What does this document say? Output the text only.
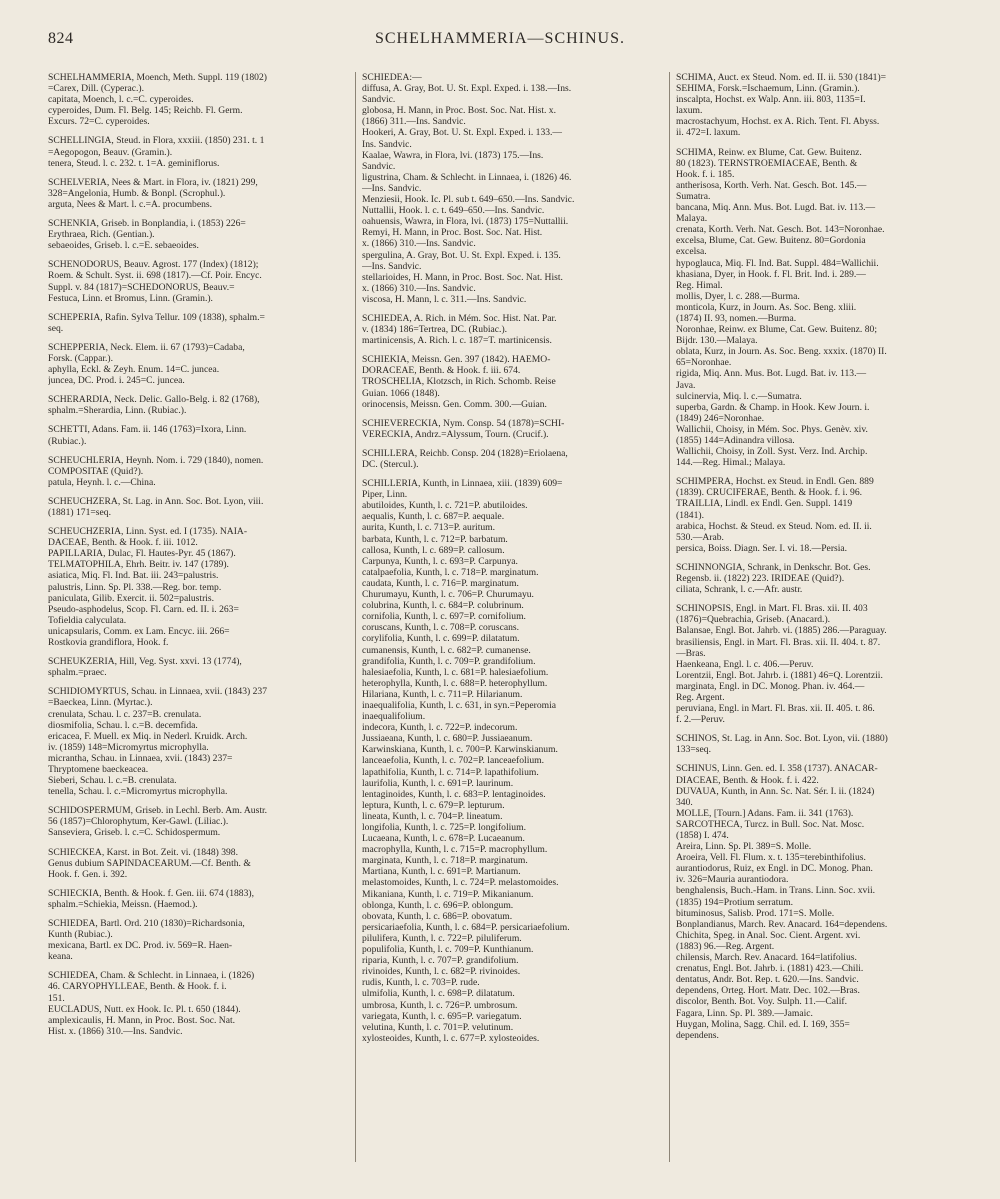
824	SCHELHAMMERIA—SCHINUS.
SCHELHAMMERIA, Moench, Meth. Suppl. 119 (1802)
=Carex, Dill. (Cyperac.).
capitata, Moench, l. c.=C. cyperoides.
cyperoides, Dum. Fl. Belg. 145; Reichb. Fl. Germ.
Excurs. 72=C. cyperoides.
SCHELLINGIA, Steud. in Flora, xxxiii. (1850) 231. t. 1
=Aegopogon, Beauv. (Gramin.).
tenera, Steud. l. c. 232. t. 1=A. geminiflorus.
SCHELVERIA, Nees & Mart. in Flora, iv. (1821) 299,
328=Angelonia, Humb. & Bonpl. (Scrophul.).
arguta, Nees & Mart. l. c.=A. procumbens.
SCHENKIA, Griseb. in Bonplandia, i. (1853) 226=
Erythraea, Rich. (Gentian.).
sebaeoides, Griseb. l. c.=E. sebaeoides.
SCHENODORUS, Beauv. Agrost. 177 (Index) (1812);
Roem. & Schult. Syst. ii. 698 (1817).—Cf. Poir. Encyc.
Suppl. v. 84 (1817)=SCHEDONORUS, Beauv.=
Festuca, Linn. et Bromus, Linn. (Gramin.).
SCHEPERIA, Rafin. Sylva Tellur. 109 (1838), sphalm.=
seq.
SCHEPPERIA, Neck. Elem. ii. 67 (1793)=Cadaba,
Forsk. (Cappar.).
aphylla, Eckl. & Zeyh. Enum. 14=C. juncea.
juncea, DC. Prod. i. 245=C. juncea.
SCHERARDIA, Neck. Delic. Gallo-Belg. i. 82 (1768),
sphalm.=Sherardia, Linn. (Rubiac.).
SCHETTI, Adans. Fam. ii. 146 (1763)=Ixora, Linn.
(Rubiac.).
SCHEUCHLERIA, Heynh. Nom. i. 729 (1840), nomen.
COMPOSITAE (Quid?).
patula, Heynh. l. c.—China.
SCHEUCHZERA, St. Lag. in Ann. Soc. Bot. Lyon, viii.
(1881) 171=seq.
SCHEUCHZERIA, Linn. Syst. ed. I (1735). NAIA-
DACEAE, Benth. & Hook. f. iii. 1012.
PAPILLARIA, Dulac, Fl. Hautes-Pyr. 45 (1867).
TELMATOPHILA, Ehrh. Beitr. iv. 147 (1789).
asiatica, Miq. Fl. Ind. Bat. iii. 243=palustris.
palustris, Linn. Sp. Pl. 338.—Reg. bor. temp.
paniculata, Gilib. Exercit. ii. 502=palustris.
Pseudo-asphodelus, Scop. Fl. Carn. ed. II. i. 263=
Tofieldia calyculata.
unicapsularis, Comm. ex Lam. Encyc. iii. 266=
Rostkovia grandiflora, Hook. f.
SCHEUKZERIA, Hill, Veg. Syst. xxvi. 13 (1774),
sphalm.=praec.
SCHIDIOMYRTUS, Schau. in Linnaea, xvii. (1843) 237
=Baeckea, Linn. (Myrtac.).
crenulata, Schau. l. c. 237=B. crenulata.
diosmifolia, Schau. l. c.=B. decemfida.
ericacea, F. Muell. ex Miq. in Nederl. Kruidk. Arch.
iv. (1859) 148=Micromyrtus microphylla.
micrantha, Schau. in Linnaea, xvii. (1843) 237=
Thryptomene baeckeacea.
Sieberi, Schau. l. c.=B. crenulata.
tenella, Schau. l. c.=Micromyrtus microphylla.
SCHIDOSPERMUM, Griseb. in Lechl. Berb. Am. Austr.
56 (1857)=Chlorophytum, Ker-Gawl. (Liliac.).
Sanseviera, Griseb. l. c.=C. Schidospermum.
SCHIECKEA, Karst. in Bot. Zeit. vi. (1848) 398.
Genus dubium SAPINDACEARUM.—Cf. Benth. &
Hook. f. Gen. i. 392.
SCHIECKIA, Benth. & Hook. f. Gen. iii. 674 (1883),
sphalm.=Schiekia, Meissn. (Haemod.).
SCHIEDEA, Bartl. Ord. 210 (1830)=Richardsonia,
Kunth (Rubiac.).
mexicana, Bartl. ex DC. Prod. iv. 569=R. Haen-
keana.
SCHIEDEA, Cham. & Schlecht. in Linnaea, i. (1826)
46. CARYOPHYLLEAE, Benth. & Hook. f. i.
151.
EUCLADUS, Nutt. ex Hook. Ic. Pl. t. 650 (1844).
amplexicaulis, H. Mann, in Proc. Bost. Soc. Nat.
Hist. x. (1866) 310.—Ins. Sandvic.
SCHIEDEA:—
diffusa, A. Gray, Bot. U. St. Expl. Exped. i. 138.—Ins.
Sandvic.
globosa, H. Mann, in Proc. Bost. Soc. Nat. Hist. x.
(1866) 311.—Ins. Sandvic.
Hookeri, A. Gray, Bot. U. St. Expl. Exped. i. 133.—
Ins. Sandvic.
Kaalae, Wawra, in Flora, lvi. (1873) 175.—Ins.
Sandvic.
ligustrina, Cham. & Schlecht. in Linnaea, i. (1826) 46.
—Ins. Sandvic.
Menziesii, Hook. Ic. Pl. sub t. 649–650.—Ins. Sandvic.
Nuttallii, Hook. l. c. t. 649–650.—Ins. Sandvic.
oahuensis, Wawra, in Flora, lvi. (1873) 175=Nuttallii.
Remyi, H. Mann, in Proc. Bost. Soc. Nat. Hist.
x. (1866) 310.—Ins. Sandvic.
spergulina, A. Gray, Bot. U. St. Expl. Exped. i. 135.
—Ins. Sandvic.
stellarioides, H. Mann, in Proc. Bost. Soc. Nat. Hist.
x. (1866) 310.—Ins. Sandvic.
viscosa, H. Mann, l. c. 311.—Ins. Sandvic.
SCHIEDEA, A. Rich. in Mém. Soc. Hist. Nat. Par.
v. (1834) 186=Tertrea, DC. (Rubiac.).
martinicensis, A. Rich. l. c. 187=T. martinicensis.
SCHIEKIA, Meissn. Gen. 397 (1842). HAEMO-
DORACEAE, Benth. & Hook. f. iii. 674.
TROSCHELIA, Klotzsch, in Rich. Schomb. Reise
Guian. 1066 (1848).
orinocensis, Meissn. Gen. Comm. 300.—Guian.
SCHIEVERECKIA, Nym. Consp. 54 (1878)=SCHI-
VERECKIA, Andrz.=Alyssum, Tourn. (Crucif.).
SCHILLERA, Reichb. Consp. 204 (1828)=Eriolaena,
DC. (Stercul.).
SCHILLERIA, Kunth, in Linnaea, xiii. (1839) 609=
Piper, Linn.
abutiloides, Kunth, l. c. 721=P. abutiloides.
aequalis, Kunth, l. c. 687=P. aequale.
aurita, Kunth, l. c. 713=P. auritum.
barbata, Kunth, l. c. 712=P. barbatum.
callosa, Kunth, l. c. 689=P. callosum.
Carpunya, Kunth, l. c. 693=P. Carpunya.
catalpaefolia, Kunth, l. c. 718=P. marginatum.
caudata, Kunth, l. c. 716=P. marginatum.
Churumayu, Kunth, l. c. 706=P. Churumayu.
colubrina, Kunth, l. c. 684=P. colubrinum.
cornifolia, Kunth, l. c. 697=P. cornifolium.
coruscans, Kunth, l. c. 708=P. coruscans.
corylifolia, Kunth, l. c. 699=P. dilatatum.
cumanensis, Kunth, l. c. 682=P. cumanense.
grandifolia, Kunth, l. c. 709=P. grandifolium.
halesiaefolia, Kunth, l. c. 681=P. halesiaefolium.
heterophylla, Kunth, l. c. 688=P. heterophyllum.
Hilariana, Kunth, l. c. 711=P. Hilarianum.
inaequalifolia, Kunth, l. c. 631, in syn.=Peperomia
inaequalifolium.
indecora, Kunth, l. c. 722=P. indecorum.
Jussiaeana, Kunth, l. c. 680=P. Jussiaeanum.
Karwinskiana, Kunth, l. c. 700=P. Karwinskianum.
lanceaefolia, Kunth, l. c. 702=P. lanceaefolium.
lapathifolia, Kunth, l. c. 714=P. lapathifolium.
laurifolia, Kunth, l. c. 691=P. laurinum.
lentaginoides, Kunth, l. c. 683=P. lentaginoides.
leptura, Kunth, l. c. 679=P. lepturum.
lineata, Kunth, l. c. 704=P. lineatum.
longifolia, Kunth, l. c. 725=P. longifolium.
Lucaeana, Kunth, l. c. 678=P. Lucaeanum.
macrophylla, Kunth, l. c. 715=P. macrophyllum.
marginata, Kunth, l. c. 718=P. marginatum.
Martiana, Kunth, l. c. 691=P. Martianum.
melastomoides, Kunth, l. c. 724=P. melastomoides.
Mikaniana, Kunth, l. c. 719=P. Mikanianum.
oblonga, Kunth, l. c. 696=P. oblongum.
obovata, Kunth, l. c. 686=P. obovatum.
persicariaefolia, Kunth, l. c. 684=P. persicariaefolium.
pilulifera, Kunth, l. c. 722=P. piluliferum.
populifolia, Kunth, l. c. 709=P. Kunthianum.
riparia, Kunth, l. c. 707=P. grandifolium.
rivinoides, Kunth, l. c. 682=P. rivinoides.
rudis, Kunth, l. c. 703=P. rude.
ulmifolia, Kunth, l. c. 698=P. dilatatum.
umbrosa, Kunth, l. c. 726=P. umbrosum.
variegata, Kunth, l. c. 695=P. variegatum.
velutina, Kunth, l. c. 701=P. velutinum.
xylosteoides, Kunth, l. c. 677=P. xylosteoides.
SCHIMA, Auct. ex Steud. Nom. ed. II. ii. 530 (1841)=
SEHIMA, Forsk.=Ischaemum, Linn. (Gramin.).
inscalpta, Hochst. ex Walp. Ann. iii. 803, 1135=I.
laxum.
macrostachyum, Hochst. ex A. Rich. Tent. Fl. Abyss.
ii. 472=I. laxum.
SCHIMA, Reinw. ex Blume, Cat. Gew. Buitenz.
80 (1823). TERNSTROEMIACEAE, Benth. &
Hook. f. i. 185.
antherisosa, Korth. Verh. Nat. Gesch. Bot. 145.—
Sumatra.
bancana, Miq. Ann. Mus. Bot. Lugd. Bat. iv. 113.—
Malaya.
crenata, Korth. Verh. Nat. Gesch. Bot. 143=Noronhae.
excelsa, Blume, Cat. Gew. Buitenz. 80=Gordonia
excelsa.
hypoglauca, Miq. Fl. Ind. Bat. Suppl. 484=Wallichii.
khasiana, Dyer, in Hook. f. Fl. Brit. Ind. i. 289.—
Reg. Himal.
mollis, Dyer, l. c. 288.—Burma.
monticola, Kurz, in Journ. As. Soc. Beng. xliii.
(1874) II. 93, nomen.—Burma.
Noronhae, Reinw. ex Blume, Cat. Gew. Buitenz. 80;
Bijdr. 130.—Malaya.
oblata, Kurz, in Journ. As. Soc. Beng. xxxix. (1870) II.
65=Noronhae.
rigida, Miq. Ann. Mus. Bot. Lugd. Bat. iv. 113.—
Java.
sulcinervia, Miq. l. c.—Sumatra.
superba, Gardn. & Champ. in Hook. Kew Journ. i.
(1849) 246=Noronhae.
Wallichii, Choisy, in Mém. Soc. Phys. Genèv. xiv.
(1855) 144=Adinandra villosa.
Wallichii, Choisy, in Zoll. Syst. Verz. Ind. Archip.
144.—Reg. Himal.; Malaya.
SCHIMPERA, Hochst. ex Steud. in Endl. Gen. 889
(1839). CRUCIFERAE, Benth. & Hook. f. i. 96.
TRAILLIA, Lindl. ex Endl. Gen. Suppl. 1419
(1841).
arabica, Hochst. & Steud. ex Steud. Nom. ed. II. ii.
530.—Arab.
persica, Boiss. Diagn. Ser. I. vi. 18.—Persia.
SCHINNONGIA, Schrank, in Denkschr. Bot. Ges.
Regensb. ii. (1822) 223. IRIDEAE (Quid?).
ciliata, Schrank, l. c.—Afr. austr.
SCHINOPSIS, Engl. in Mart. Fl. Bras. xii. II. 403
(1876)=Quebrachia, Griseb. (Anacard.).
Balansae, Engl. Bot. Jahrb. vi. (1885) 286.—Paraguay.
brasiliensis, Engl. in Mart. Fl. Bras. xii. II. 404. t. 87.
—Bras.
Haenkeana, Engl. l. c. 406.—Peruv.
Lorentzii, Engl. Bot. Jahrb. i. (1881) 46=Q. Lorentzii.
marginata, Engl. in DC. Monog. Phan. iv. 464.—
Reg. Argent.
peruviana, Engl. in Mart. Fl. Bras. xii. II. 405. t. 86.
f. 2.—Peruv.
SCHINOS, St. Lag. in Ann. Soc. Bot. Lyon, vii. (1880)
133=seq.
SCHINUS, Linn. Gen. ed. I. 358 (1737). ANACAR-
DIACEAE, Benth. & Hook. f. i. 422.
DUVAUA, Kunth, in Ann. Sc. Nat. Sér. I. ii. (1824)
340.
MOLLE, [Tourn.] Adans. Fam. ii. 341 (1763).
SARCOTHECA, Turcz. in Bull. Soc. Nat. Mosc.
(1858) I. 474.
Areira, Linn. Sp. Pl. 389=S. Molle.
Aroeira, Vell. Fl. Flum. x. t. 135=terebinthifolius.
aurantiodorus, Ruiz, ex Engl. in DC. Monog. Phan.
iv. 326=Mauria aurantiodora.
benghalensis, Buch.-Ham. in Trans. Linn. Soc. xvii.
(1835) 194=Protium serratum.
bituminosus, Salisb. Prod. 171=S. Molle.
Bonplandianus, March. Rev. Anacard. 164=dependens.
Chichita, Speg. in Anal. Soc. Cient. Argent. xvi.
(1883) 96.—Reg. Argent.
chilensis, March. Rev. Anacard. 164=latifolius.
crenatus, Engl. Bot. Jahrb. i. (1881) 423.—Chili.
dentatus, Andr. Bot. Rep. t. 620.—Ins. Sandvic.
dependens, Orteg. Hort. Matr. Dec. 102.—Bras.
discolor, Benth. Bot. Voy. Sulph. 11.—Calif.
Fagara, Linn. Sp. Pl. 389.—Jamaic.
Huygan, Molina, Sagg. Chil. ed. I. 169, 355=
dependens.
